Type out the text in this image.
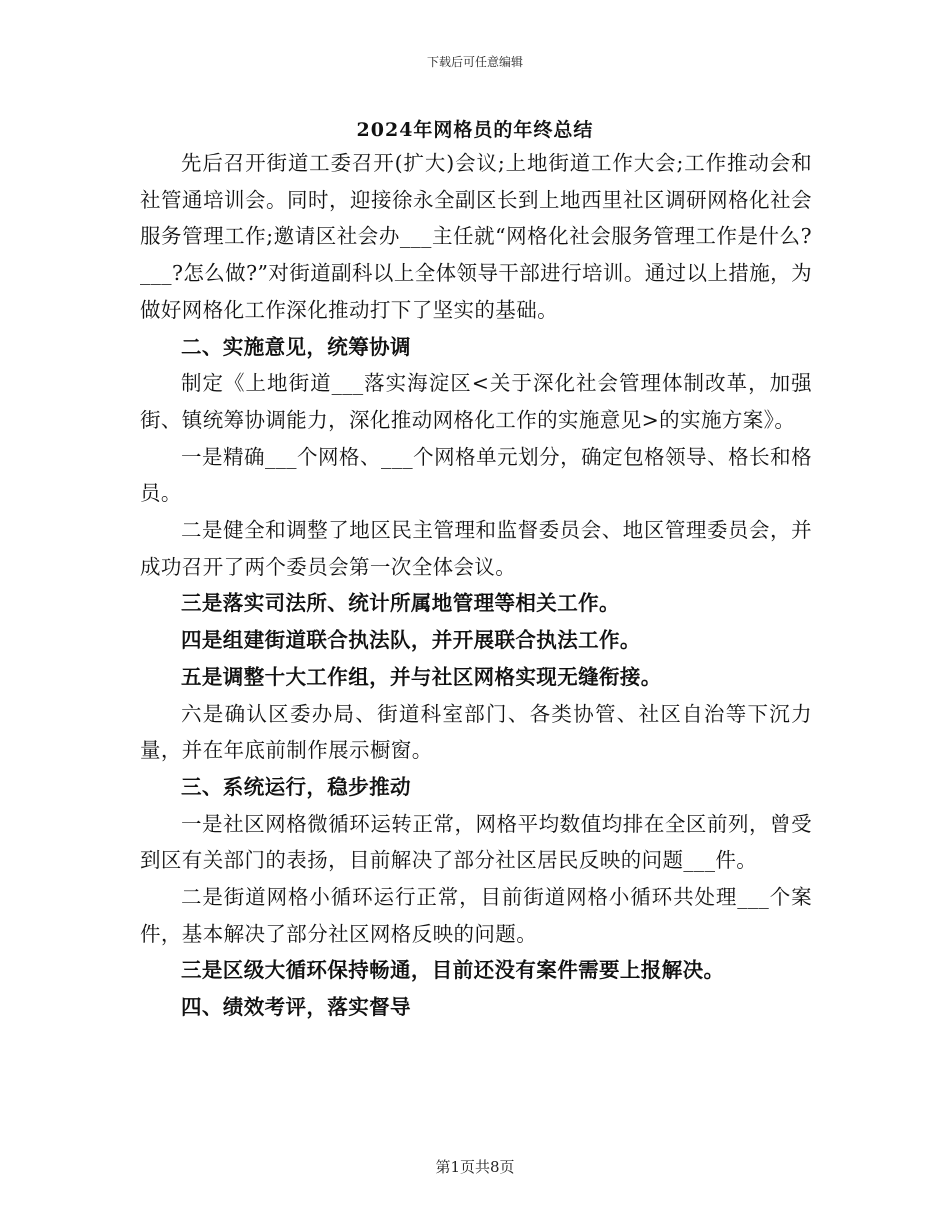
下载后可任意编辑
2024年网格员的年终总结

先后召开街道工委召开(扩大)会议;上地街道工作大会;工作推动会和社管通培训会。同时，迎接徐永全副区长到上地西里社区调研网格化社会服务管理工作;邀请区社会办___主任就“网格化社会服务管理工作是什么?___?怎么做?”对街道副科以上全体领导干部进行培训。通过以上措施，为做好网格化工作深化推动打下了坚实的基础。

二、实施意见，统筹协调

制定《上地街道___落实海淀区<关于深化社会管理体制改革，加强街、镇统筹协调能力，深化推动网格化工作的实施意见>的实施方案》。

一是精确___个网格、___个网格单元划分，确定包格领导、格长和格员。

二是健全和调整了地区民主管理和监督委员会、地区管理委员会，并成功召开了两个委员会第一次全体会议。

三是落实司法所、统计所属地管理等相关工作。

四是组建街道联合执法队，并开展联合执法工作。

五是调整十大工作组，并与社区网格实现无缝衔接。

六是确认区委办局、街道科室部门、各类协管、社区自治等下沉力量，并在年底前制作展示橱窗。

三、系统运行，稳步推动

一是社区网格微循环运转正常，网格平均数值均排在全区前列，曾受到区有关部门的表扬，目前解决了部分社区居民反映的问题___件。

二是街道网格小循环运行正常，目前街道网格小循环共处理___个案件，基本解决了部分社区网格反映的问题。

三是区级大循环保持畅通，目前还没有案件需要上报解决。

四、绩效考评，落实督导

第1页共8页
